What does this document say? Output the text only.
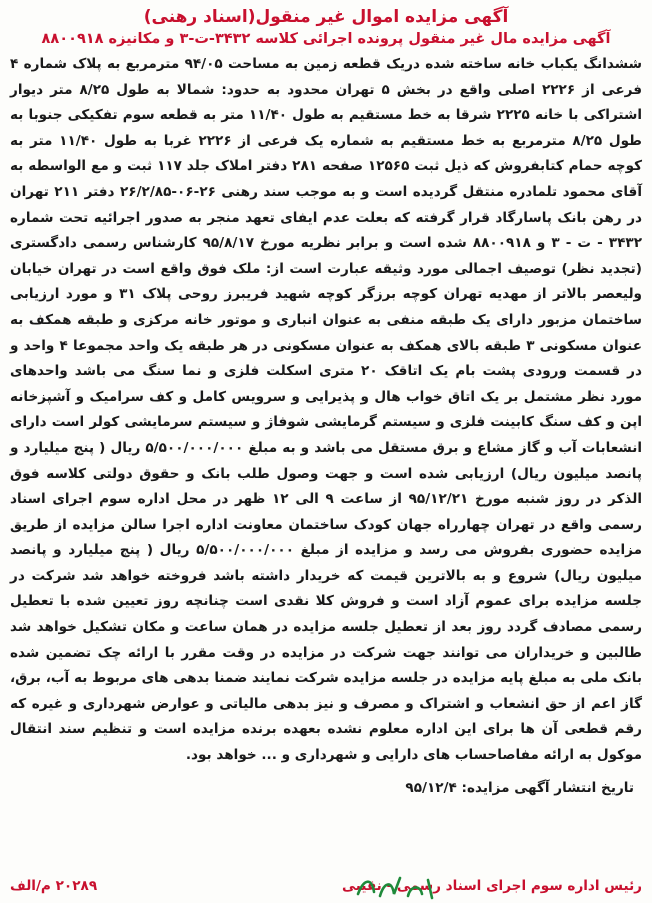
آگهی مزایده اموال غیر منقول(اسناد رهنی)
آگهی مزایده مال غیر منقول پرونده اجرائی کلاسه ۳۴۳۲-ت-۳ و مکانیزه ۸۸۰۰۹۱۸

ششدانگ یکباب خانه ساخته شده دریک قطعه زمین به مساحت ۹۴/۰۵ مترمربع به پلاک شماره ۴ فرعی از ۲۲۲۶ اصلی واقع در بخش ۵ تهران محدود به حدود: شمالا به طول ۸/۲۵ متر دیوار اشتراکی با خانه ۲۲۲۵ شرقا به خط مستقیم به طول ۱۱/۴۰ متر به قطعه سوم تفکیکی جنوبا به طول ۸/۲۵ مترمربع به خط مستقیم به شماره یک فرعی از ۲۲۲۶ غربا به طول ۱۱/۴۰ متر به کوچه حمام کتابفروش که ذیل ثبت ۱۲۵۶۵ صفحه ۲۸۱ دفتر املاک جلد ۱۱۷ ثبت و مع الواسطه به آقای محمود تلمادره منتقل گردیده است و به موجب سند رهنی ۲۶-۰۶-۲۶/۲/۸۵ دفتر ۲۱۱ تهران در رهن بانک پاسارگاد قرار گرفته که بعلت عدم ایفای تعهد منجر به صدور اجرائیه تحت شماره ۳۴۳۲ - ت - ۳ و ۸۸۰۰۹۱۸ شده است و برابر نظریه مورخ ۹۵/۸/۱۷ کارشناس رسمی دادگستری (تجدید نظر) توصیف اجمالی مورد وثیقه عبارت است از: ملک فوق واقع است در تهران خیابان ولیعصر بالاتر از مهدیه تهران کوچه برزگر کوچه شهید فریبرز روحی پلاک ۳۱ و مورد ارزیابی ساختمان مزبور دارای یک طبقه منفی به عنوان انباری و موتور خانه مرکزی و طبقه همکف به عنوان مسکونی ۳ طبقه بالای همکف به عنوان مسکونی در هر طبقه یک واحد مجموعا ۴ واحد و در قسمت ورودی پشت بام یک اتاقک ۲۰ متری اسکلت فلزی و نما سنگ می باشد واحدهای مورد نظر مشتمل بر یک اتاق خواب هال و پذیرایی و سرویس کامل و کف سرامیک و آشپزخانه اپن و کف سنگ کابینت فلزی و سیستم گرمایشی شوفاژ و سیستم سرمایشی کولر است دارای انشعابات آب و گاز مشاع و برق مستقل می باشد و به مبلغ ۵/۵۰۰/۰۰۰/۰۰۰ ریال ( پنج میلیارد و پانصد میلیون ریال) ارزیابی شده است و جهت وصول طلب بانک و حقوق دولتی کلاسه فوق الذکر در روز شنبه مورخ ۹۵/۱۲/۲۱ از ساعت ۹ الی ۱۲ ظهر در محل اداره سوم اجرای اسناد رسمی واقع در تهران چهارراه جهان کودک ساختمان معاونت اداره اجرا سالن مزایده از طریق مزایده حضوری بفروش می رسد و مزایده از مبلغ ۵/۵۰۰/۰۰۰/۰۰۰ ریال ( پنج میلیارد و پانصد میلیون ریال) شروع و به بالاترین قیمت که خریدار داشته باشد فروخته خواهد شد شرکت در جلسه مزایده برای عموم آزاد است و فروش کلا نقدی است چنانچه روز تعیین شده با تعطیل رسمی مصادف گردد روز بعد از تعطیل جلسه مزایده در همان ساعت و مکان تشکیل خواهد شد طالبین و خریداران می توانند جهت شرکت در مزایده در وقت مقرر با ارائه چک تضمین شده بانک ملی به مبلغ پایه مزایده در جلسه مزایده شرکت نمایند ضمنا بدهی های مربوط به آب، برق، گاز اعم از حق انشعاب و اشتراک و مصرف و نیز بدهی مالیاتی و عوارض شهرداری و غیره که رقم قطعی آن ها برای این اداره معلوم نشده بعهده برنده مزایده است و تنظیم سند انتقال موکول به ارائه مفاصاحساب های دارایی و شهرداری و ... خواهد بود.

تاریخ انتشار آگهی مزایده: ۹۵/۱۲/۴
رئیس اداره سوم اجرای اسناد رسمی - نقیبی
۲۰۲۸۹ م/الف
